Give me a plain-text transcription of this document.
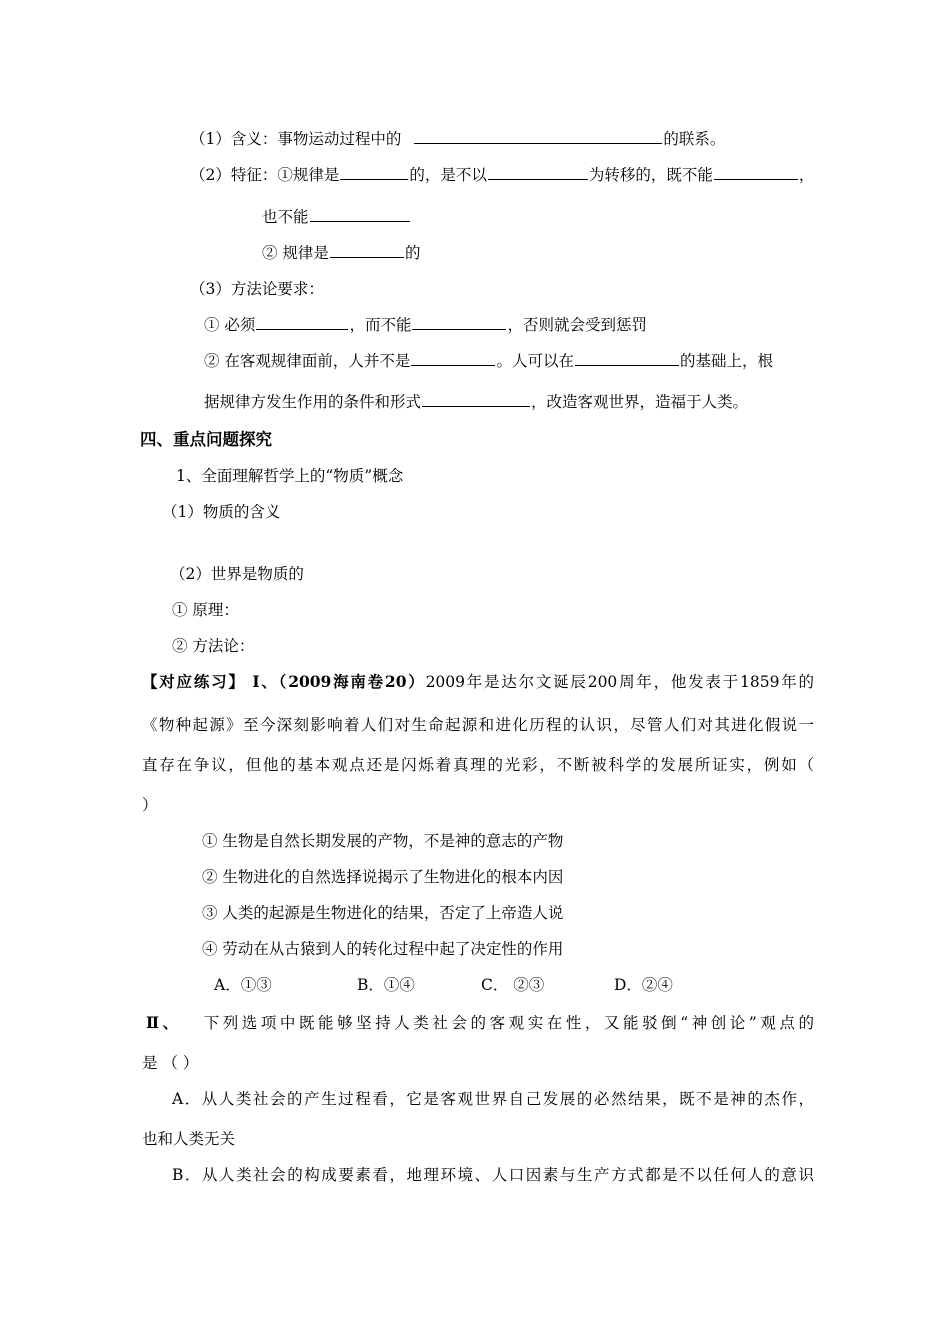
（1）含义：事物运动过程中的	的联系。
（2）特征：①规律是	的，是不以	为转移的，既不能	，
也不能
② 规律是	的
（3）方法论要求：
① 必须	，而不能	，否则就会受到惩罚
② 在客观规律面前，人并不是	。人可以在	的基础上，根
据规律方发生作用的条件和形式	，改造客观世界，造福于人类。
四、重点问题探究
1、全面理解哲学上的“物质”概念
（1）物质的含义
（2）世界是物质的
① 原理：
② 方法论：
【对应练习】 Ⅰ、（2009海南卷20）2009年是达尔文诞辰200周年，他发表于1859年的
《物种起源》至今深刻影响着人们对生命起源和进化历程的认识，尽管人们对其进化假说一
直存在争议，但他的基本观点还是闪烁着真理的光彩，不断被科学的发展所证实，例如（
）
① 生物是自然长期发展的产物，不是神的意志的产物
② 生物进化的自然选择说揭示了生物进化的根本内因
③ 人类的起源是生物进化的结果，否定了上帝造人说
④ 劳动在从古猿到人的转化过程中起了决定性的作用
A．①③	B．①④	C． ②③	D．②④
Ⅱ、 下列选项中既能够坚持人类社会的客观实在性，又能驳倒“神创论”观点的
是 （ ）
A．从人类社会的产生过程看，它是客观世界自己发展的必然结果，既不是神的杰作，
也和人类无关
B．从人类社会的构成要素看，地理环境、人口因素与生产方式都是不以任何人的意识
